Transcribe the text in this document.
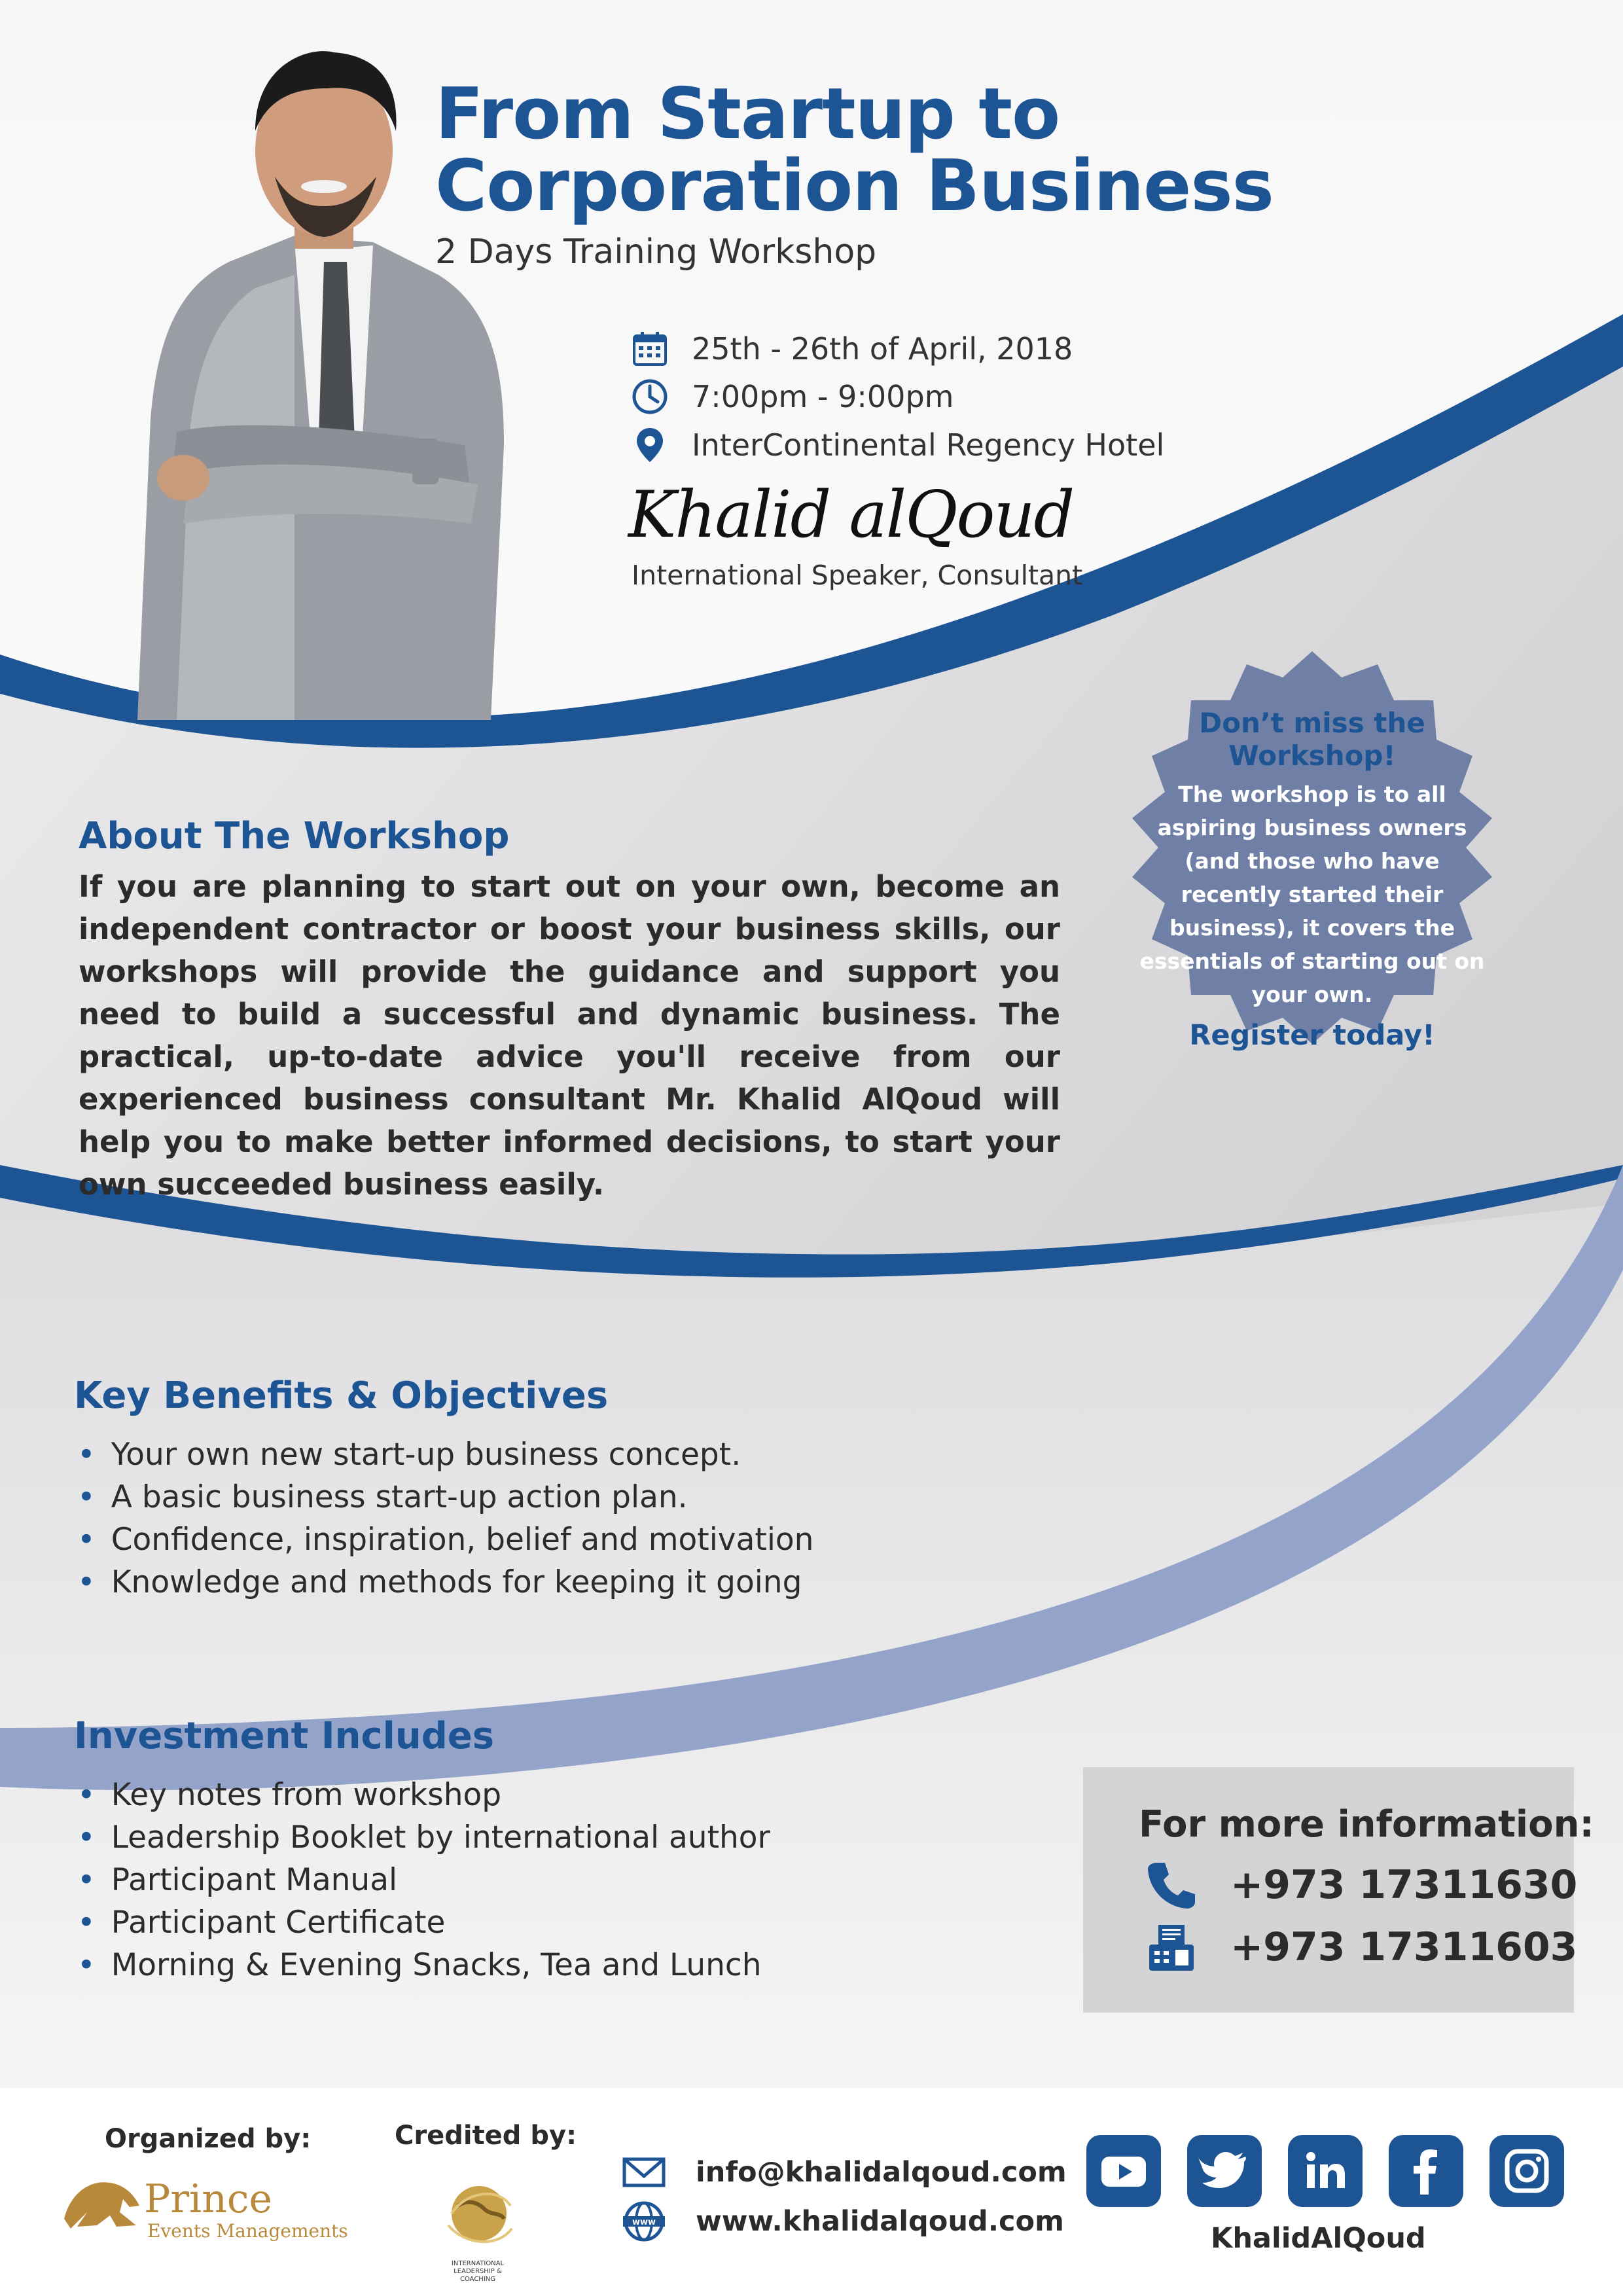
From Startup to
Corporation Business
2 Days Training Workshop
25th - 26th of April, 2018
7:00pm - 9:00pm
InterContinental Regency Hotel
Khalid alQoud
International Speaker, Consultant
Don’t miss the Workshop!
The workshop is to all aspiring business owners (and those who have recently started their business), it covers the essentials of starting out on your own.
Register today!
About The Workshop
If you are planning to start out on your own, become an independent contractor or boost your business skills, our workshops will provide the guidance and support you need to build a successful and dynamic business. The practical, up-to-date advice you'll receive from our experienced business consultant Mr. Khalid AlQoud will help you to make better informed decisions, to start your own succeeded business easily.
Key Benefits & Objectives
• Your own new start-up business concept.
• A basic business start-up action plan.
• Confidence, inspiration, belief and motivation
• Knowledge and methods for keeping it going
Investment Includes
• Key notes from workshop
• Leadership Booklet by international author
• Participant Manual
• Participant Certificate
• Morning & Evening Snacks, Tea and Lunch
For more information:
+973 17311630
+973 17311603
Organized by:
Prince
Events Managements
Credited by:
INTERNATIONAL LEADERSHIP & COACHING
info@khalidalqoud.com
www www.khalidalqoud.com
KhalidAlQoud
